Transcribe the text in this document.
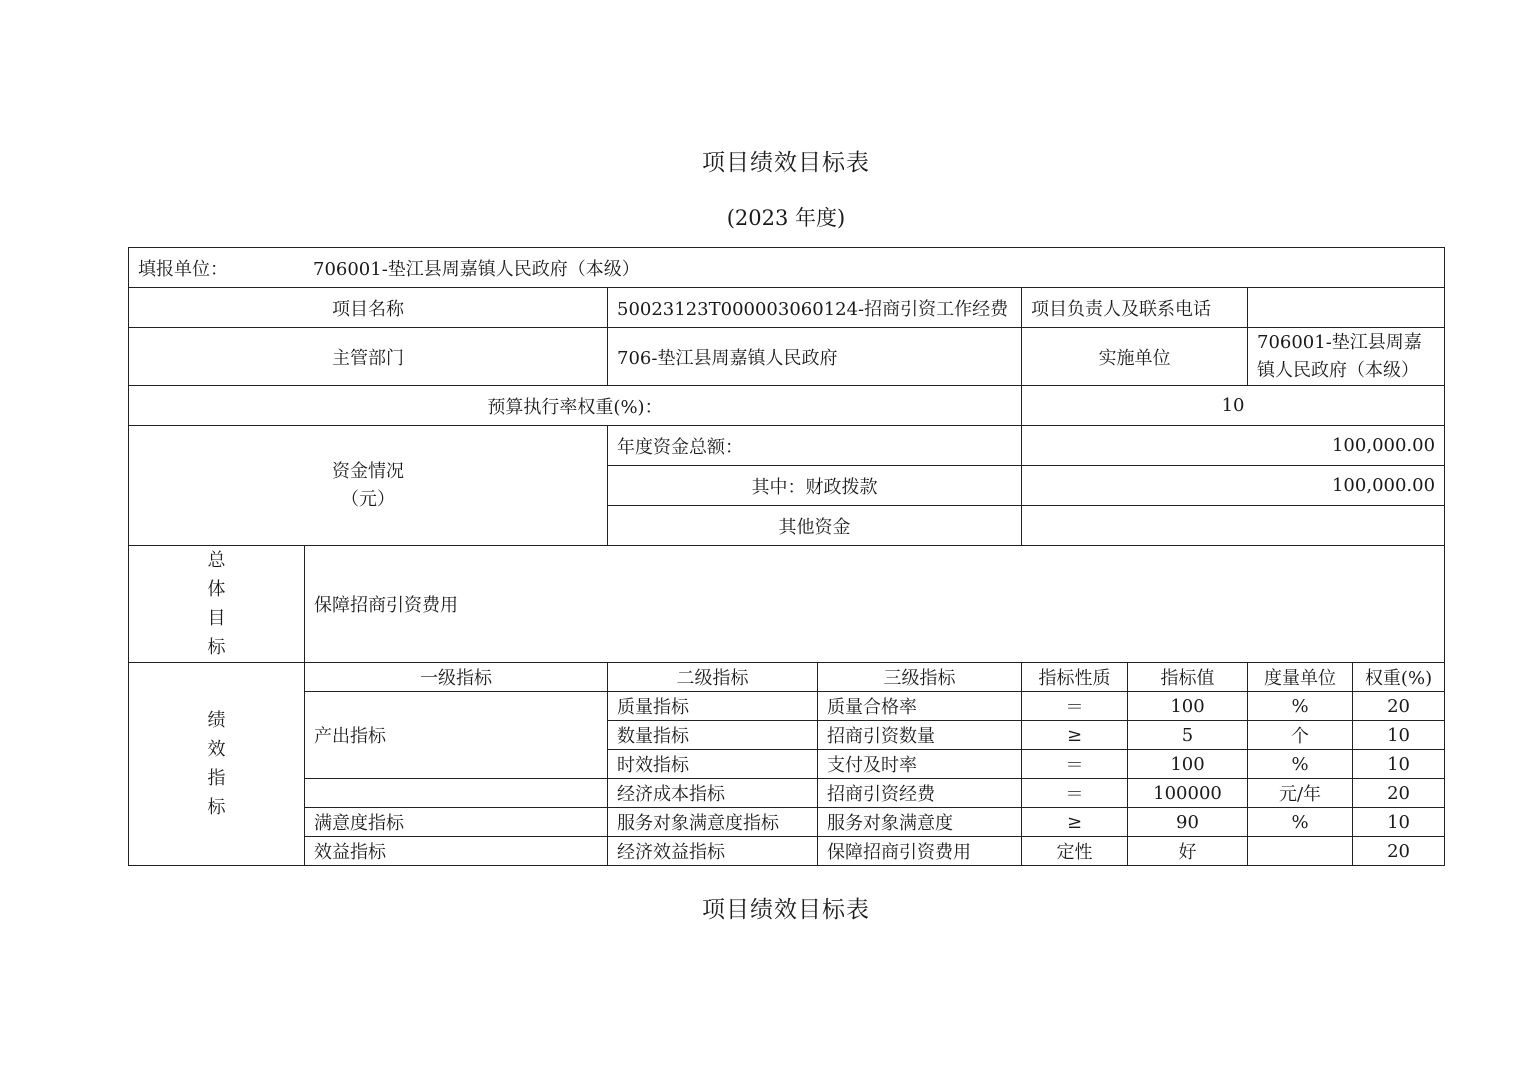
项目绩效目标表
(2023 年度)
填报单位： 706001-垫江县周嘉镇人民政府（本级）							
项目名称		50023123T000003060124-招商引资工作经费		项目负责人及联系电话			
主管部门		706-垫江县周嘉镇人民政府		实施单位		706001-垫江县周嘉
镇人民政府（本级）	

预算执行率权重(%)：				10			

资金情况
（元）		年度资金总额：		100,000.00			
		其中：财政拨款		100,000.00			
		其他资金					

总
体
目
标	保障招商引资费用						

绩
效
指
标	一级指标	二级指标	三级指标	指标性质	指标值	度量单位	权重(%)
	产出指标	质量指标	质量合格率	＝	100	%	20
		数量指标	招商引资数量	≥	5	个	10
		时效指标	支付及时率	＝	100	%	10
		经济成本指标	招商引资经费	＝	100000	元/年	20
	满意度指标	服务对象满意度指标	服务对象满意度	≥	90	%	10
	效益指标	经济效益指标	保障招商引资费用	定性	好		20
项目绩效目标表
